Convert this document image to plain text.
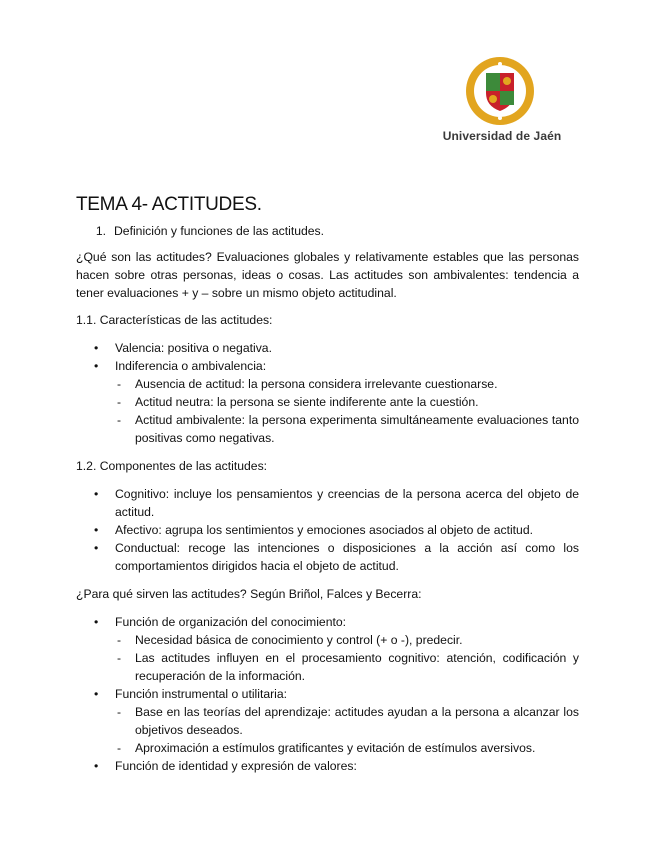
Universidad de Jaén
TEMA 4- ACTITUDES.
1. Definición y funciones de las actitudes.

¿Qué son las actitudes? Evaluaciones globales y relativamente estables que las personas hacen sobre otras personas, ideas o cosas. Las actitudes son ambivalentes: tendencia a tener evaluaciones + y – sobre un mismo objeto actitudinal.

1.1. Características de las actitudes:

• Valencia: positiva o negativa.
• Indiferencia o ambivalencia:
- Ausencia de actitud: la persona considera irrelevante cuestionarse.
- Actitud neutra: la persona se siente indiferente ante la cuestión.
- Actitud ambivalente: la persona experimenta simultáneamente evaluaciones tanto positivas como negativas.

1.2. Componentes de las actitudes:

• Cognitivo: incluye los pensamientos y creencias de la persona acerca del objeto de actitud.
• Afectivo: agrupa los sentimientos y emociones asociados al objeto de actitud.
• Conductual: recoge las intenciones o disposiciones a la acción así como los comportamientos dirigidos hacia el objeto de actitud.

¿Para qué sirven las actitudes? Según Briñol, Falces y Becerra:

• Función de organización del conocimiento:
- Necesidad básica de conocimiento y control (+ o -), predecir.
- Las actitudes influyen en el procesamiento cognitivo: atención, codificación y recuperación de la información.
• Función instrumental o utilitaria:
- Base en las teorías del aprendizaje: actitudes ayudan a la persona a alcanzar los objetivos deseados.
- Aproximación a estímulos gratificantes y evitación de estímulos aversivos.
• Función de identidad y expresión de valores:
